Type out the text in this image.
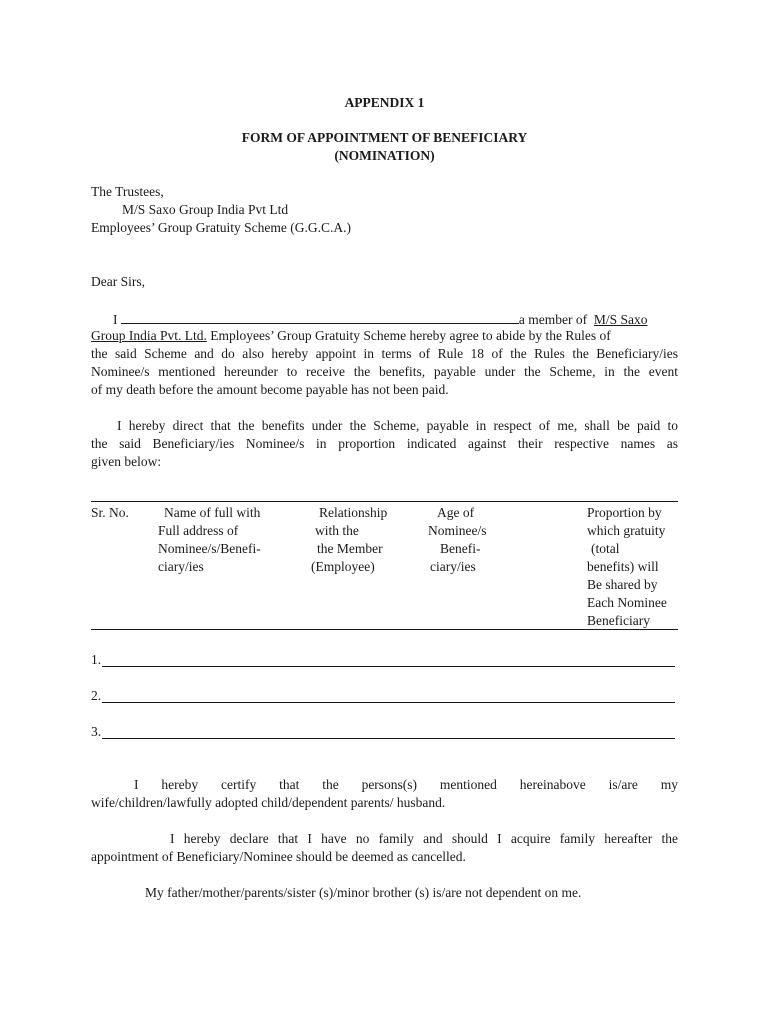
APPENDIX 1
FORM OF APPOINTMENT OF BENEFICIARY
(NOMINATION)
The Trustees,
M/S Saxo Group India Pvt Ltd
Employees’ Group Gratuity Scheme (G.G.C.A.)
Dear Sirs,
I	a member of M/S Saxo
Group India Pvt. Ltd. Employees’ Group Gratuity Scheme hereby agree to abide by the Rules of
the said Scheme and do also hereby appoint in terms of Rule 18 of the Rules the Beneficiary/ies
Nominee/s mentioned hereunder to receive the benefits, payable under the Scheme, in the event
of my death before the amount become payable has not been paid.
I hereby direct that the benefits under the Scheme, payable in respect of me, shall be paid to
the said Beneficiary/ies Nominee/s in proportion indicated against their respective names as
given below:
Sr. No.	Name of full with
Full address of
Nominee/s/Benefi-
ciary/ies
Relationship
with the
the Member
(Employee)
Age of
Nominee/s
Benefi-
ciary/ies
Proportion by
which gratuity
(total
benefits) will
Be shared by
Each Nominee
Beneficiary
1.
2.
3.
I hereby certify that the persons(s) mentioned hereinabove is/are my
wife/children/lawfully adopted child/dependent parents/ husband.
I hereby declare that I have no family and should I acquire family hereafter the
appointment of Beneficiary/Nominee should be deemed as cancelled.
My father/mother/parents/sister (s)/minor brother (s) is/are not dependent on me.
